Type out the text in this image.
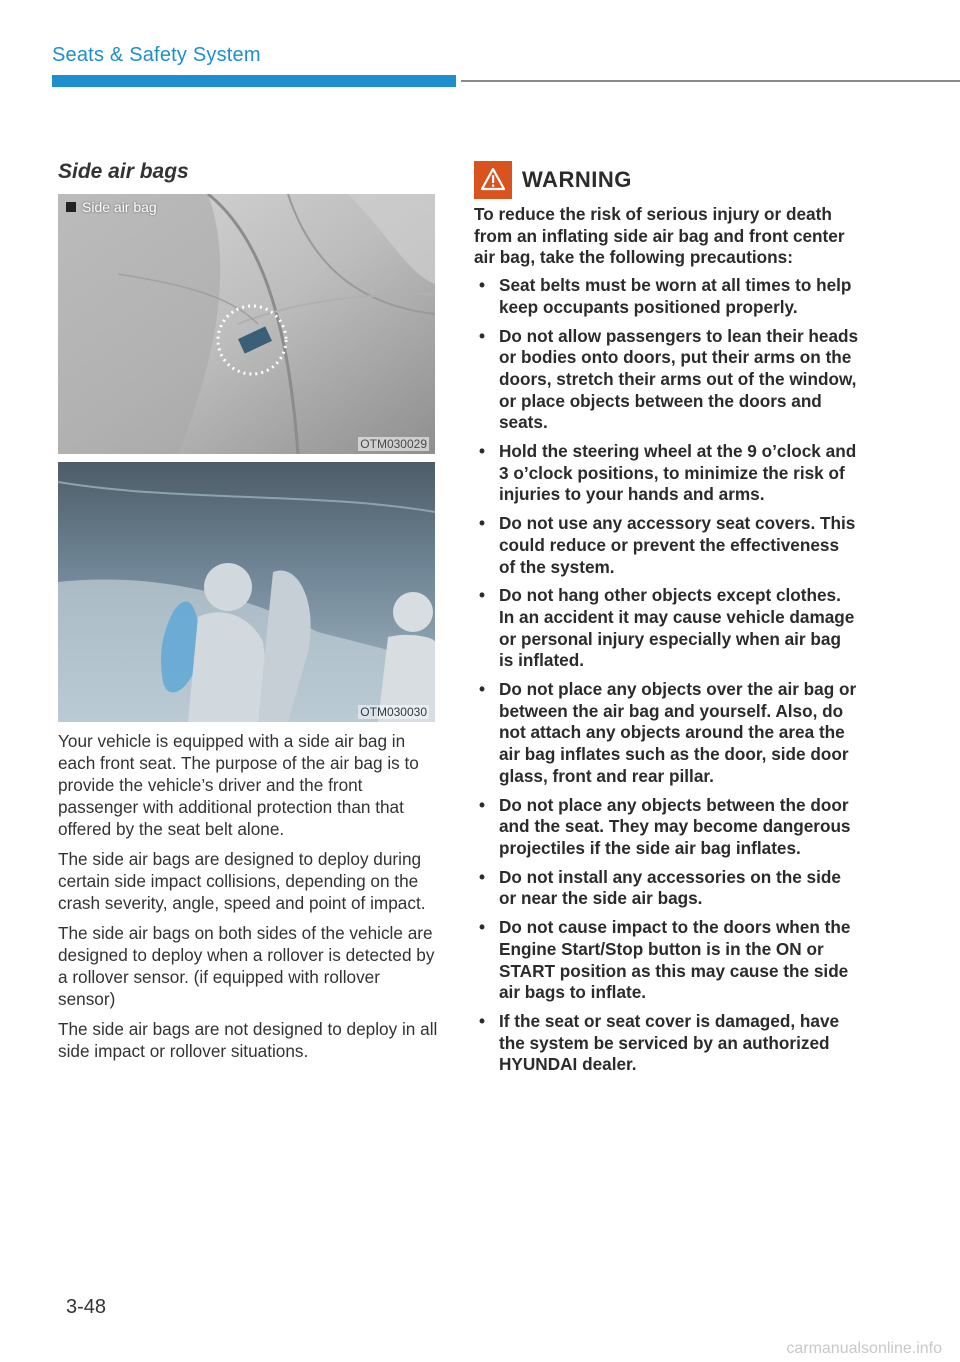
Seats & Safety System
Side air bags
Side air bag
OTM030029
OTM030030

Your vehicle is equipped with a side air bag in each front seat. The purpose of the air bag is to provide the vehicle’s driver and the front passenger with additional protection than that offered by the seat belt alone.

The side air bags are designed to deploy during certain side impact collisions, depending on the crash severity, angle, speed and point of impact.

The side air bags on both sides of the vehicle are designed to deploy when a rollover is detected by a rollover sensor. (if equipped with rollover sensor)

The side air bags are not designed to deploy in all side impact or rollover situations.

WARNING

To reduce the risk of serious injury or death from an inflating side air bag and front center air bag, take the following precautions:

• Seat belts must be worn at all times to help keep occupants positioned properly.
• Do not allow passengers to lean their heads or bodies onto doors, put their arms on the doors, stretch their arms out of the window, or place objects between the doors and seats.
• Hold the steering wheel at the 9 o’clock and 3 o’clock positions, to minimize the risk of injuries to your hands and arms.
• Do not use any accessory seat covers. This could reduce or prevent the effectiveness of the system.
• Do not hang other objects except clothes. In an accident it may cause vehicle damage or personal injury especially when air bag is inflated.
• Do not place any objects over the air bag or between the air bag and yourself. Also, do not attach any objects around the area the air bag inflates such as the door, side door glass, front and rear pillar.
• Do not place any objects between the door and the seat. They may become dangerous projectiles if the side air bag inflates.
• Do not install any accessories on the side or near the side air bags.
• Do not cause impact to the doors when the Engine Start/Stop button is in the ON or START position as this may cause the side air bags to inflate.
• If the seat or seat cover is damaged, have the system be serviced by an authorized HYUNDAI dealer.
3-48
carmanualsonline.info
